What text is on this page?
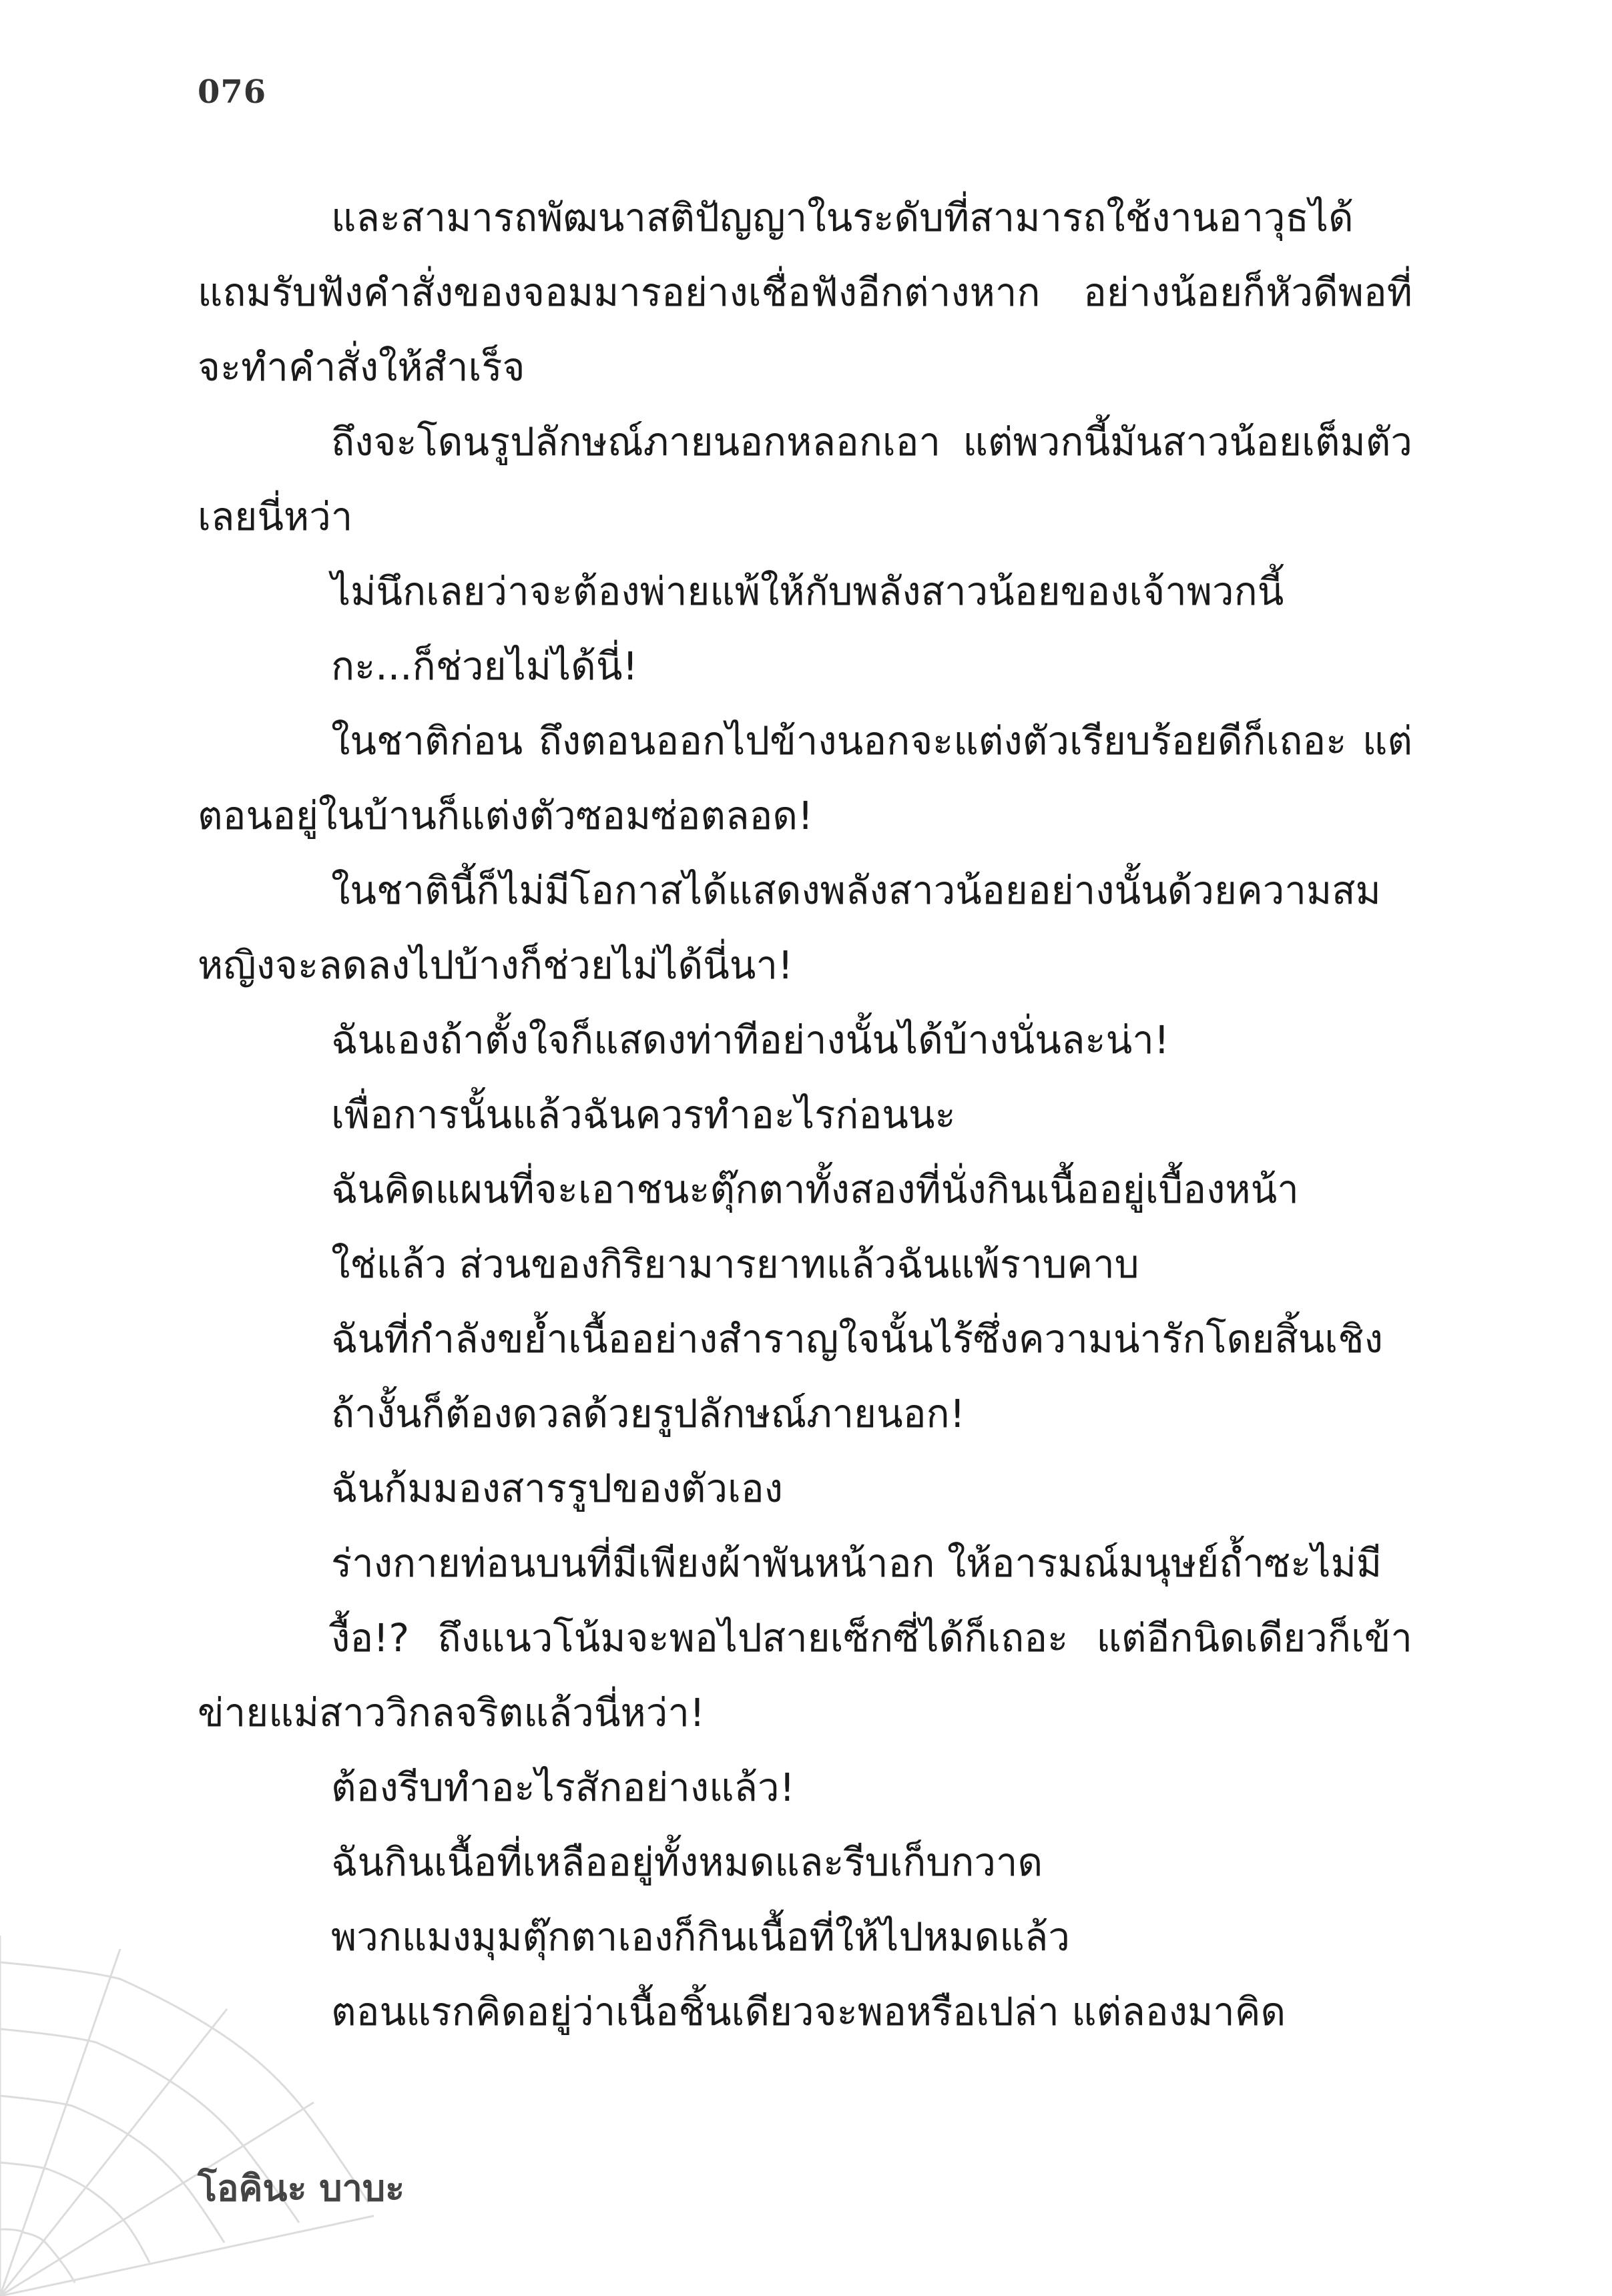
076

และสามารถพัฒนาสติปัญญาในระดับที่สามารถใช้งานอาวุธได้ แถมรับฟังคำสั่งของจอมมารอย่างเชื่อฟังอีกต่างหาก อย่างน้อยก็หัวดีพอที่จะทำคำสั่งให้สำเร็จ

ถึงจะโดนรูปลักษณ์ภายนอกหลอกเอา แต่พวกนี้มันสาวน้อยเต็มตัวเลยนี่หว่า

ไม่นึกเลยว่าจะต้องพ่ายแพ้ให้กับพลังสาวน้อยของเจ้าพวกนี้

กะ...ก็ช่วยไม่ได้นี่!

ในชาติก่อน ถึงตอนออกไปข้างนอกจะแต่งตัวเรียบร้อยดีก็เถอะ แต่ตอนอยู่ในบ้านก็แต่งตัวซอมซ่อตลอด!

ในชาตินี้ก็ไม่มีโอกาสได้แสดงพลังสาวน้อยอย่างนั้นด้วยความสมหญิงจะลดลงไปบ้างก็ช่วยไม่ได้นี่นา!

ฉันเองถ้าตั้งใจก็แสดงท่าทีอย่างนั้นได้บ้างนั่นละน่า!

เพื่อการนั้นแล้วฉันควรทำอะไรก่อนนะ

ฉันคิดแผนที่จะเอาชนะตุ๊กตาทั้งสองที่นั่งกินเนื้ออยู่เบื้องหน้า

ใช่แล้ว ส่วนของกิริยามารยาทแล้วฉันแพ้ราบคาบ

ฉันที่กำลังขย้ำเนื้ออย่างสำราญใจนั้นไร้ซึ่งความน่ารักโดยสิ้นเชิง

ถ้างั้นก็ต้องดวลด้วยรูปลักษณ์ภายนอก!

ฉันก้มมองสารรูปของตัวเอง

ร่างกายท่อนบนที่มีเพียงผ้าพันหน้าอก ให้อารมณ์มนุษย์ถ้ำซะไม่มี

งื้อ!? ถึงแนวโน้มจะพอไปสายเซ็กซี่ได้ก็เถอะ แต่อีกนิดเดียวก็เข้าข่ายแม่สาววิกลจริตแล้วนี่หว่า!

ต้องรีบทำอะไรสักอย่างแล้ว!

ฉันกินเนื้อที่เหลืออยู่ทั้งหมดและรีบเก็บกวาด

พวกแมงมุมตุ๊กตาเองก็กินเนื้อที่ให้ไปหมดแล้ว

ตอนแรกคิดอยู่ว่าเนื้อชิ้นเดียวจะพอหรือเปล่า แต่ลองมาคิด

โอคินะ บาบะ
